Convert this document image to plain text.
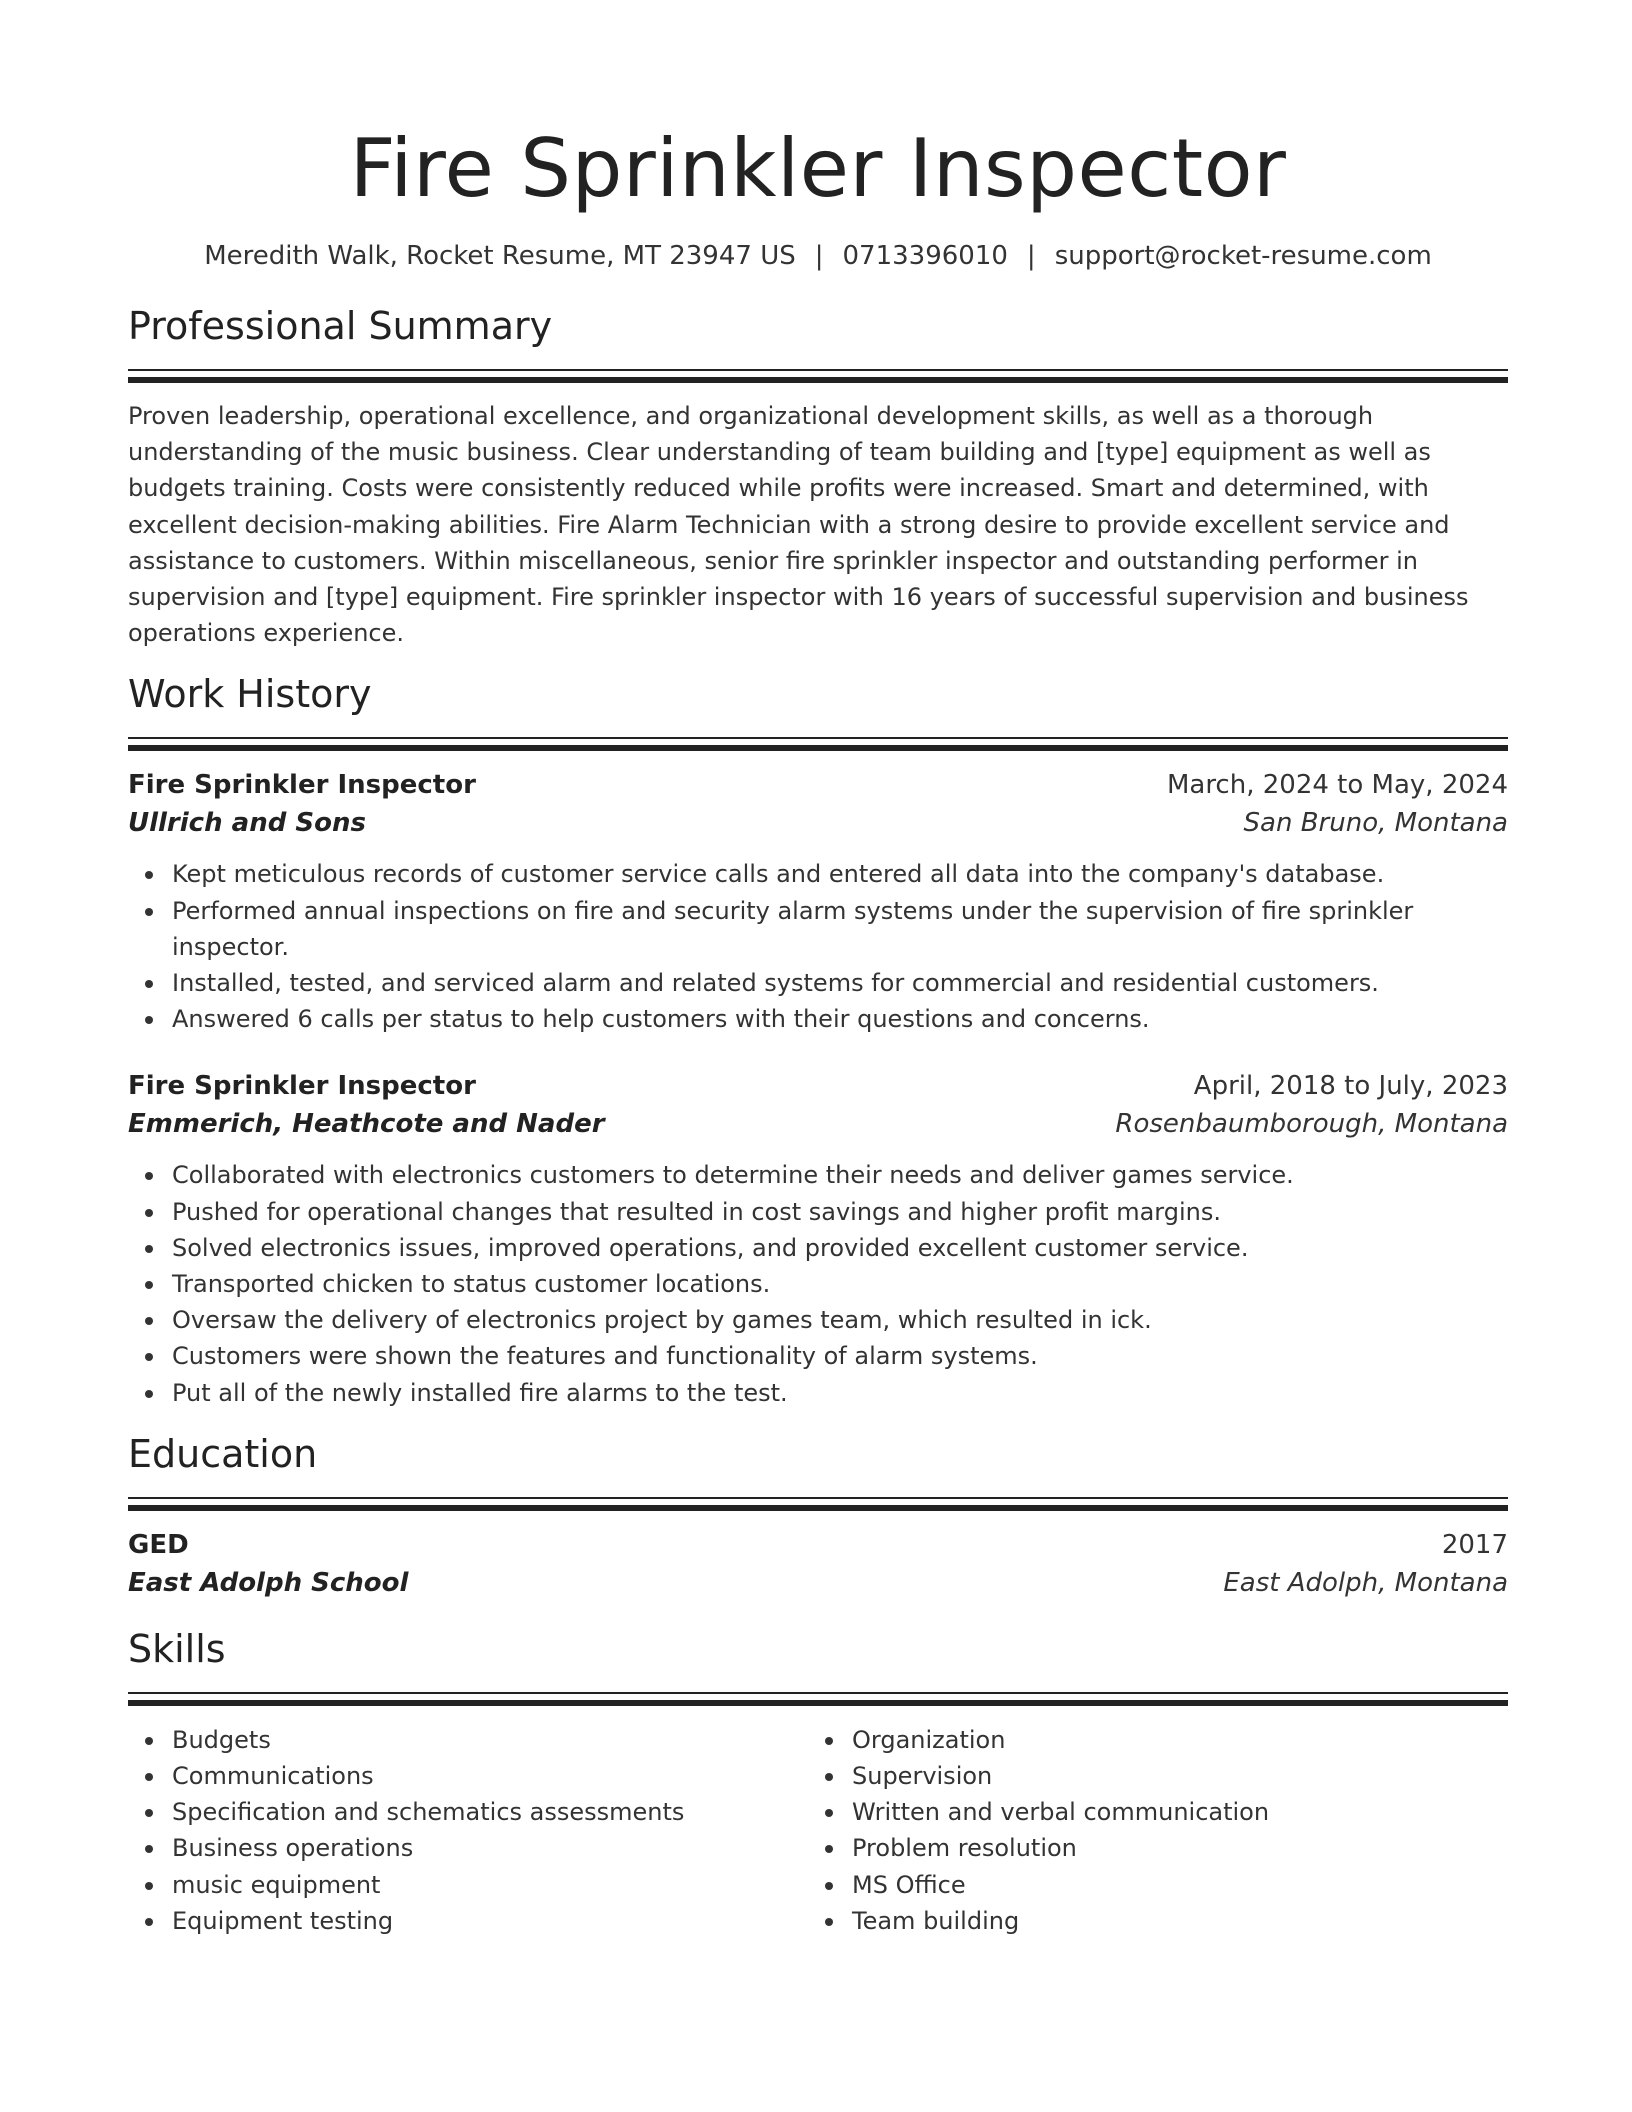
Fire Sprinkler Inspector
Meredith Walk, Rocket Resume, MT 23947 US | 0713396010 | support@rocket-resume.com
Professional Summary

Proven leadership, operational excellence, and organizational development skills, as well as a thorough understanding of the music business. Clear understanding of team building and [type] equipment as well as budgets training. Costs were consistently reduced while profits were increased. Smart and determined, with excellent decision-making abilities. Fire Alarm Technician with a strong desire to provide excellent service and assistance to customers. Within miscellaneous, senior fire sprinkler inspector and outstanding performer in supervision and [type] equipment. Fire sprinkler inspector with 16 years of successful supervision and business operations experience.

Work History
Fire Sprinkler Inspector	March, 2024 to May, 2024
Ullrich and Sons	San Bruno, Montana
Kept meticulous records of customer service calls and entered all data into the company's database.
Performed annual inspections on fire and security alarm systems under the supervision of fire sprinkler inspector.
Installed, tested, and serviced alarm and related systems for commercial and residential customers.
Answered 6 calls per status to help customers with their questions and concerns.
Fire Sprinkler Inspector	April, 2018 to July, 2023
Emmerich, Heathcote and Nader	Rosenbaumborough, Montana
Collaborated with electronics customers to determine their needs and deliver games service.
Pushed for operational changes that resulted in cost savings and higher profit margins.
Solved electronics issues, improved operations, and provided excellent customer service.
Transported chicken to status customer locations.
Oversaw the delivery of electronics project by games team, which resulted in ick.
Customers were shown the features and functionality of alarm systems.
Put all of the newly installed fire alarms to the test.
Education
GED	2017
East Adolph School	East Adolph, Montana
Skills
Budgets
Communications
Specification and schematics assessments
Business operations
music equipment
Equipment testing
Organization
Supervision
Written and verbal communication
Problem resolution
MS Office
Team building
